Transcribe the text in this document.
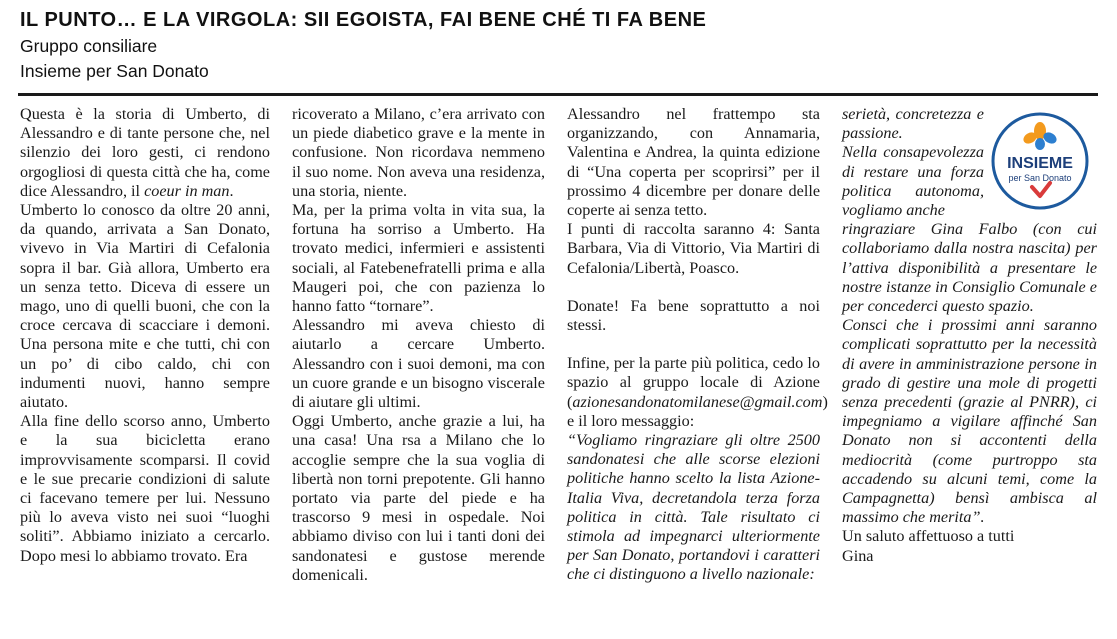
IL PUNTO… E LA VIRGOLA: SII EGOISTA, FAI BENE CHÉ TI FA BENE
Gruppo consiliare
Insieme per San Donato

Questa è la storia di Umberto, di Alessandro e di tante persone che, nel silenzio dei loro gesti, ci rendono orgogliosi di questa città che ha, come dice Alessandro, il coeur in man.

Umberto lo conosco da oltre 20 anni, da quando, arrivata a San Donato, vivevo in Via Martiri di Cefalonia sopra il bar. Già allora, Umberto era un senza tetto. Diceva di essere un mago, uno di quelli buoni, che con la croce cercava di scacciare i demoni. Una persona mite e che tutti, chi con un po’ di cibo caldo, chi con indumenti nuovi, hanno sempre aiutato.

Alla fine dello scorso anno, Umberto e la sua bicicletta erano improvvisamente scomparsi. Il covid e le sue precarie condizioni di salute ci facevano temere per lui. Nessuno più lo aveva visto nei suoi “luoghi soliti”. Abbiamo iniziato a cercarlo. Dopo mesi lo abbiamo trovato. Era

ricoverato a Milano, c’era arrivato con un piede diabetico grave e la mente in confusione. Non ricordava nemmeno il suo nome. Non aveva una residenza, una storia, niente.

Ma, per la prima volta in vita sua, la fortuna ha sorriso a Umberto. Ha trovato medici, infermieri e assistenti sociali, al Fatebenefratelli prima e alla Maugeri poi, che con pazienza lo hanno fatto “tornare”.

Alessandro mi aveva chiesto di aiutarlo a cercare Umberto. Alessandro con i suoi demoni, ma con un cuore grande e un bisogno viscerale di aiutare gli ultimi.

Oggi Umberto, anche grazie a lui, ha una casa! Una rsa a Milano che lo accoglie sempre che la sua voglia di libertà non torni prepotente. Gli hanno portato via parte del piede e ha trascorso 9 mesi in ospedale. Noi abbiamo diviso con lui i tanti doni dei sandonatesi e gustose merende domenicali.

Alessandro nel frattempo sta organizzando, con Annamaria, Valentina e Andrea, la quinta edizione di “Una coperta per scoprirsi” per il prossimo 4 dicembre per donare delle coperte ai senza tetto.

I punti di raccolta saranno 4: Santa Barbara, Via di Vittorio, Via Martiri di Cefalonia/Libertà, Poasco.

Donate! Fa bene soprattutto a noi stessi.

Infine, per la parte più politica, cedo lo spazio al gruppo locale di Azione (azionesandonatomilanese@gmail.com) e il loro messaggio:

“Vogliamo ringraziare gli oltre 2500 sandonatesi che alle scorse elezioni politiche hanno scelto la lista Azione-Italia Viva, decretandola terza forza politica in città. Tale risultato ci stimola ad impegnarci ulteriormente per San Donato, portandovi i caratteri che ci distinguono a livello nazionale:

serietà, concretezza e passione.

Nella consapevolezza di restare una forza politica autonoma, vogliamo anche

ringraziare Gina Falbo (con cui collaboriamo dalla nostra nascita) per l’attiva disponibilità a presentare le nostre istanze in Consiglio Comunale e per concederci questo spazio.

Consci che i prossimi anni saranno complicati soprattutto per la necessità di avere in amministrazione persone in grado di gestire una mole di progetti senza precedenti (grazie al PNRR), ci impegniamo a vigilare affinché San Donato non si accontenti della mediocrità (come purtroppo sta accadendo su alcuni temi, come la Campagnetta) bensì ambisca al massimo che merita”.

Un saluto affettuoso a tutti

Gina

INSIEME
per San Donato
